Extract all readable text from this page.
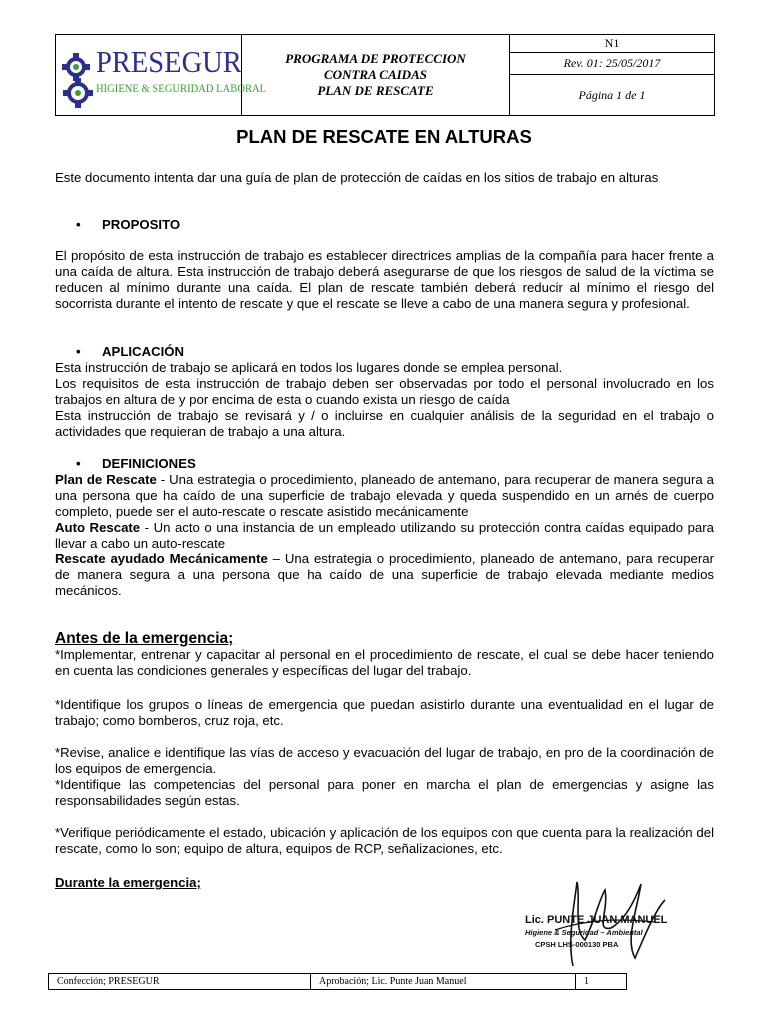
PRESEGUR
HIGIENE & SEGURIDAD LABORAL
PROGRAMA DE PROTECCION
CONTRA CAIDAS
PLAN DE RESCATE
N1
Rev. 01: 25/05/2017
Página 1 de 1
PLAN DE RESCATE EN ALTURAS
Este documento intenta dar una guía de plan de protección de caídas en los sitios de trabajo en alturas
• PROPOSITO
El propósito de esta instrucción de trabajo es establecer directrices amplias de la compañía para hacer frente a una caída de altura. Esta instrucción de trabajo deberá asegurarse de que los riesgos de salud de la víctima se reducen al mínimo durante una caída. El plan de rescate también deberá reducir al mínimo el riesgo del socorrista durante el intento de rescate y que el rescate se lleve a cabo de una manera segura y profesional.
• APLICACIÓN
Esta instrucción de trabajo se aplicará en todos los lugares donde se emplea personal.
Los requisitos de esta instrucción de trabajo deben ser observadas por todo el personal involucrado en los trabajos en altura de y por encima de esta o cuando exista un riesgo de caída
Esta instrucción de trabajo se revisará y / o incluirse en cualquier análisis de la seguridad en el trabajo o actividades que requieran de trabajo a una altura.
• DEFINICIONES
Plan de Rescate - Una estrategia o procedimiento, planeado de antemano, para recuperar de manera segura a una persona que ha caído de una superficie de trabajo elevada y queda suspendido en un arnés de cuerpo completo, puede ser el auto-rescate o rescate asistido mecánicamente
Auto Rescate - Un acto o una instancia de un empleado utilizando su protección contra caídas equipado para llevar a cabo un auto-rescate
Rescate ayudado Mecánicamente – Una estrategia o procedimiento, planeado de antemano, para recuperar de manera segura a una persona que ha caído de una superficie de trabajo elevada mediante medios mecánicos.
Antes de la emergencia;
*Implementar, entrenar y capacitar al personal en el procedimiento de rescate, el cual se debe hacer teniendo en cuenta las condiciones generales y específicas del lugar del trabajo.
*Identifique los grupos o líneas de emergencia que puedan asistirlo durante una eventualidad en el lugar de trabajo; como bomberos, cruz roja, etc.
*Revise, analice e identifique las vías de acceso y evacuación del lugar de trabajo, en pro de la coordinación de los equipos de emergencia.
*Identifique las competencias del personal para poner en marcha el plan de emergencias y asigne las responsabilidades según estas.
*Verifique periódicamente el estado, ubicación y aplicación de los equipos con que cuenta para la realización del rescate, como lo son; equipo de altura, equipos de RCP, señalizaciones, etc.
Durante la emergencia;
Lic. PUNTE JUAN MANUEL
Higiene & Seguridad – Ambiental
CPSH LHS-000130 PBA
Confección; PRESEGUR	Aprobación; Lic. Punte Juan Manuel	1
